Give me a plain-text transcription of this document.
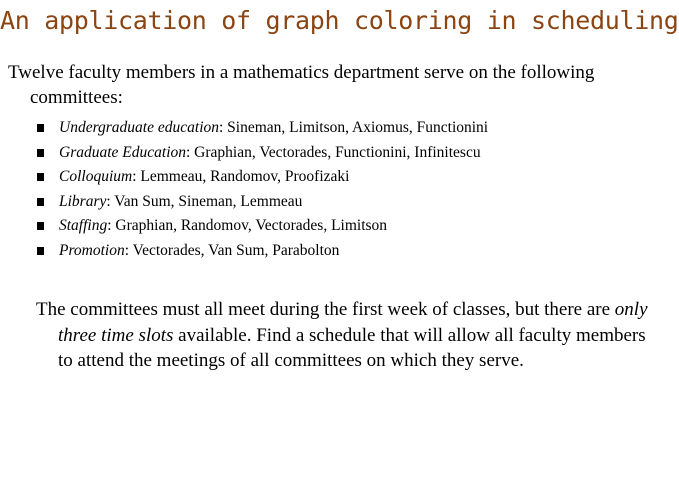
An application of graph coloring in scheduling
Twelve faculty members in a mathematics department serve on the following committees:
Undergraduate education: Sineman, Limitson, Axiomus, Functionini
Graduate Education: Graphian, Vectorades, Functionini, Infinitescu
Colloquium: Lemmeau, Randomov, Proofizaki
Library: Van Sum, Sineman, Lemmeau
Staffing: Graphian, Randomov, Vectorades, Limitson
Promotion: Vectorades, Van Sum, Parabolton
The committees must all meet during the first week of classes, but there are only three time slots available. Find a schedule that will allow all faculty members to attend the meetings of all committees on which they serve.
